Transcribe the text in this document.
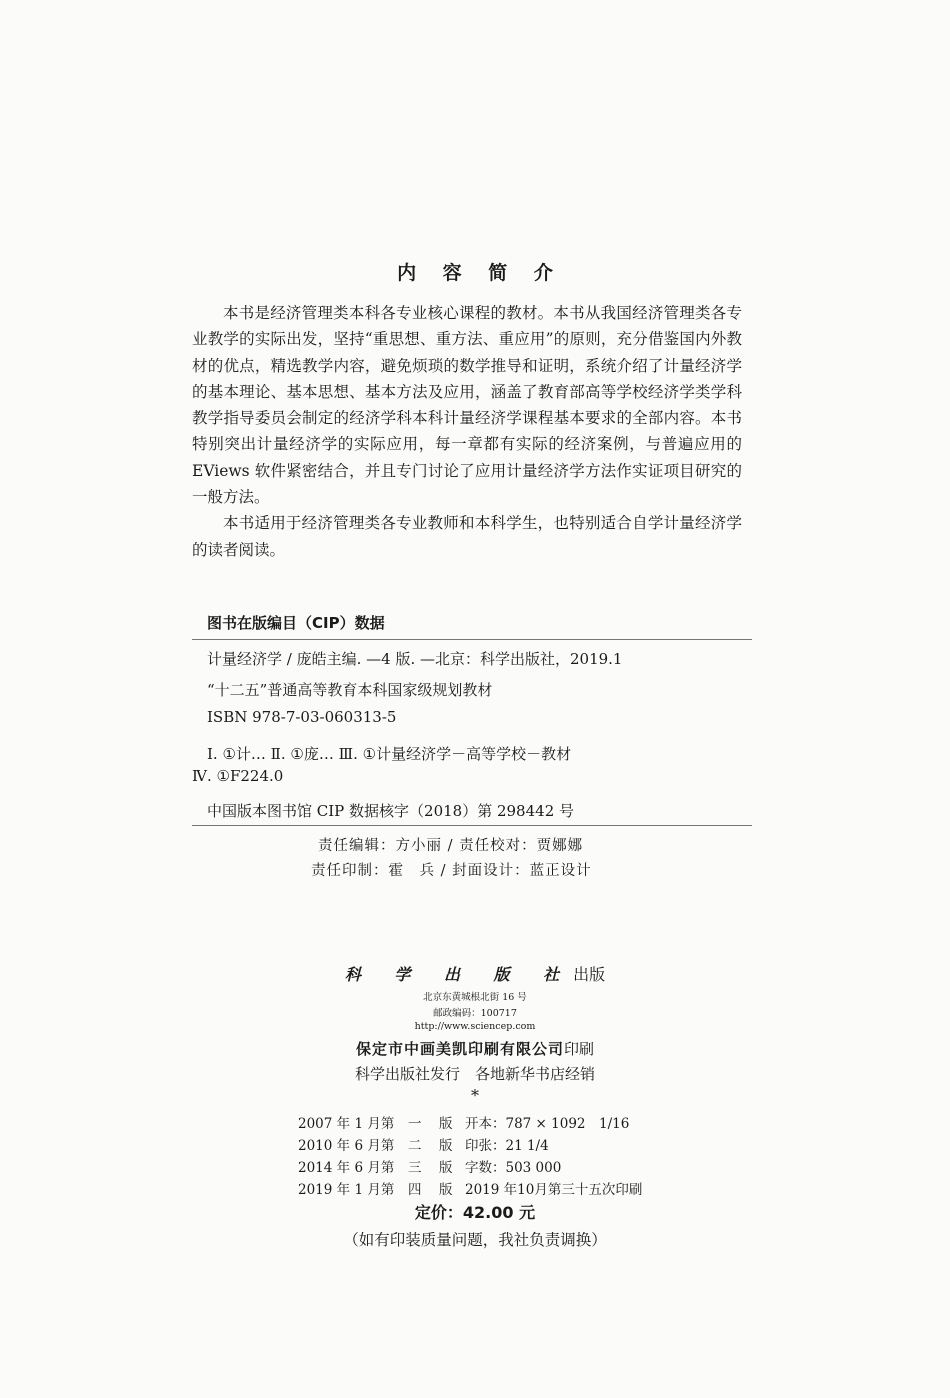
内 容 简 介

本书是经济管理类本科各专业核心课程的教材。本书从我国经济管理类各专业教学的实际出发，坚持“重思想、重方法、重应用”的原则，充分借鉴国内外教材的优点，精选教学内容，避免烦琐的数学推导和证明，系统介绍了计量经济学的基本理论、基本思想、基本方法及应用，涵盖了教育部高等学校经济学类学科教学指导委员会制定的经济学科本科计量经济学课程基本要求的全部内容。本书特别突出计量经济学的实际应用，每一章都有实际的经济案例，与普遍应用的 EViews 软件紧密结合，并且专门讨论了应用计量经济学方法作实证项目研究的一般方法。

本书适用于经济管理类各专业教师和本科学生，也特别适合自学计量经济学的读者阅读。

图书在版编目（CIP）数据
计量经济学 / 庞皓主编. —4 版. —北京：科学出版社，2019.1
“十二五”普通高等教育本科国家级规划教材
ISBN 978-7-03-060313-5
Ⅰ. ①计… Ⅱ. ①庞… Ⅲ. ①计量经济学－高等学校－教材
Ⅳ. ①F224.0
中国版本图书馆 CIP 数据核字（2018）第 298442 号
责任编辑：方小丽 / 责任校对：贾娜娜
责任印制：霍　兵 / 封面设计：蓝正设计
科 学 出 版 社出版
北京东黄城根北街 16 号
邮政编码：100717
http://www.sciencep.com
保定市中画美凯印刷有限公司印刷
科学出版社发行　各地新华书店经销
*
2007 年 1 月第 一　版 开本：787 × 1092　1/16
2010 年 6 月第 二　版 印张：21 1/4
2014 年 6 月第 三　版 字数：503 000
2019 年 1 月第 四　版 2019 年10月第三十五次印刷
定价：42.00 元
（如有印装质量问题，我社负责调换）
